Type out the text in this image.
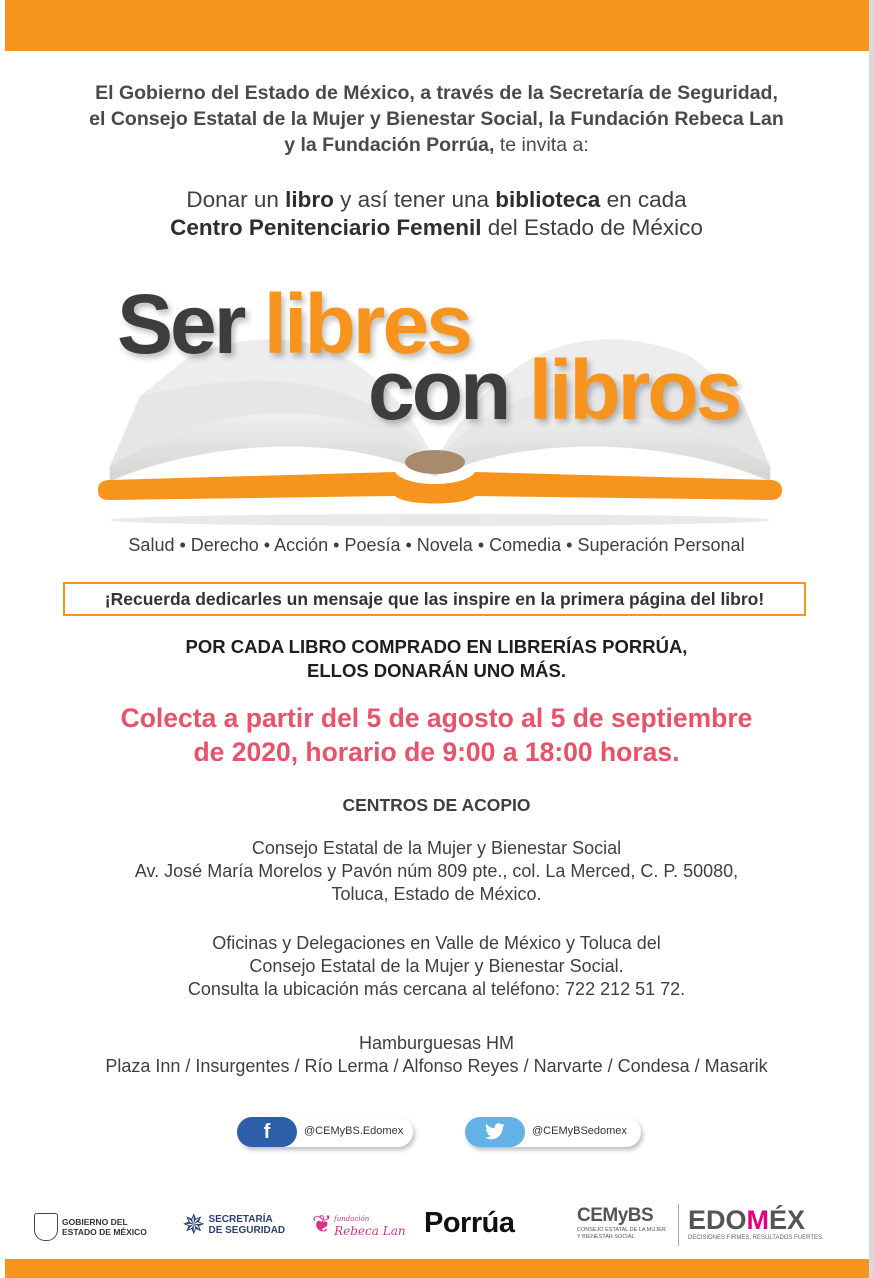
El Gobierno del Estado de México, a través de la Secretaría de Seguridad,
el Consejo Estatal de la Mujer y Bienestar Social, la Fundación Rebeca Lan
y la Fundación Porrúa, te invita a:
Donar un libro y así tener una biblioteca en cada
Centro Penitenciario Femenil del Estado de México
Ser libres
con libros
Salud • Derecho • Acción • Poesía • Novela • Comedia • Superación Personal
¡Recuerda dedicarles un mensaje que las inspire en la primera página del libro!
POR CADA LIBRO COMPRADO EN LIBRERÍAS PORRÚA,
ELLOS DONARÁN UNO MÁS.
Colecta a partir del 5 de agosto al 5 de septiembre
de 2020, horario de 9:00 a 18:00 horas.
CENTROS DE ACOPIO
Consejo Estatal de la Mujer y Bienestar Social
Av. José María Morelos y Pavón núm 809 pte., col. La Merced, C. P. 50080,
Toluca, Estado de México.
Oficinas y Delegaciones en Valle de México y Toluca del
Consejo Estatal de la Mujer y Bienestar Social.
Consulta la ubicación más cercana al teléfono: 722 212 51 72.
Hamburguesas HM
Plaza Inn / Insurgentes / Río Lerma / Alfonso Reyes / Narvarte / Condesa / Masarik
f	@CEMyBS.Edomex	@CEMyBSedomex
GOBIERNO DEL
ESTADO DE MÉXICO ✵ SECRETARÍA
DE SEGURIDAD ❦ fundación
Rebeca Lan Porrúa	CEMyBS
CONSEJO ESTATAL DE LA MUJER Y BIENESTAR SOCIAL
EDOMÉX
DECISIONES FIRMES, RESULTADOS FUERTES.
